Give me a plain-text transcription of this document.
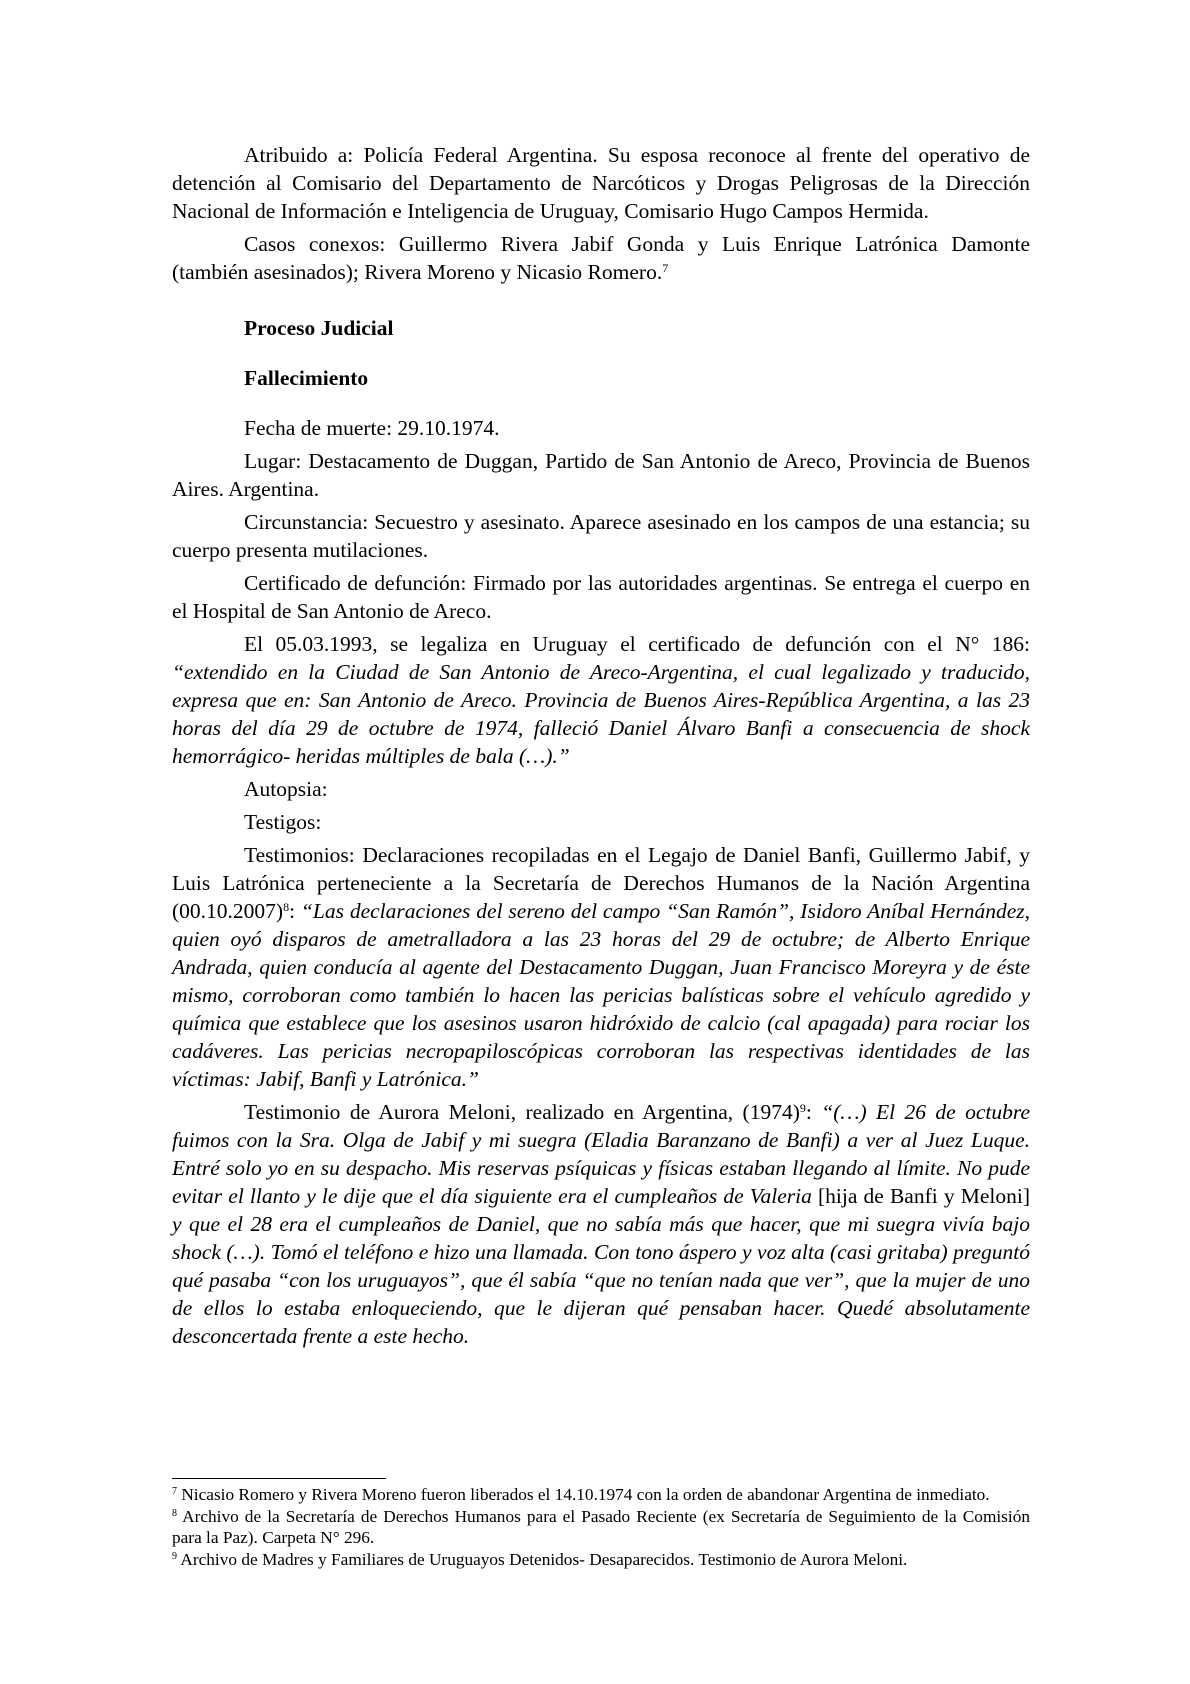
Atribuido a: Policía Federal Argentina. Su esposa reconoce al frente del operativo de detención al Comisario del Departamento de Narcóticos y Drogas Peligrosas de la Dirección Nacional de Información e Inteligencia de Uruguay, Comisario Hugo Campos Hermida.

Casos conexos: Guillermo Rivera Jabif Gonda y Luis Enrique Latrónica Damonte (también asesinados); Rivera Moreno y Nicasio Romero.$^7$

Proceso Judicial
Fallecimiento

Fecha de muerte: 29.10.1974.

Lugar: Destacamento de Duggan, Partido de San Antonio de Areco, Provincia de Buenos Aires. Argentina.

Circunstancia: Secuestro y asesinato. Aparece asesinado en los campos de una estancia; su cuerpo presenta mutilaciones.

Certificado de defunción: Firmado por las autoridades argentinas. Se entrega el cuerpo en el Hospital de San Antonio de Areco.

El 05.03.1993, se legaliza en Uruguay el certificado de defunción con el N° 186: “extendido en la Ciudad de San Antonio de Areco-Argentina, el cual legalizado y traducido, expresa que en: San Antonio de Areco. Provincia de Buenos Aires-República Argentina, a las 23 horas del día 29 de octubre de 1974, falleció Daniel Álvaro Banfi a consecuencia de shock hemorrágico- heridas múltiples de bala (…).”

Autopsia:

Testigos:

Testimonios: Declaraciones recopiladas en el Legajo de Daniel Banfi, Guillermo Jabif, y Luis Latrónica perteneciente a la Secretaría de Derechos Humanos de la Nación Argentina $(00.10.2007)^8$: “Las declaraciones del sereno del campo “San Ramón”, Isidoro Aníbal Hernández, quien oyó disparos de ametralladora a las 23 horas del 29 de octubre; de Alberto Enrique Andrada, quien conducía al agente del Destacamento Duggan, Juan Francisco Moreyra y de éste mismo, corroboran como también lo hacen las pericias balísticas sobre el vehículo agredido y química que establece que los asesinos usaron hidróxido de calcio (cal apagada) para rociar los cadáveres. Las pericias necropapiloscópicas corroboran las respectivas identidades de las víctimas: Jabif, Banfi y Latrónica.”

Testimonio de Aurora Meloni, realizado en Argentina, $(1974)^9$: “(…) El 26 de octubre fuimos con la Sra. Olga de Jabif y mi suegra (Eladia Baranzano de Banfi) a ver al Juez Luque. Entré solo yo en su despacho. Mis reservas psíquicas y físicas estaban llegando al límite. No pude evitar el llanto y le dije que el día siguiente era el cumpleaños de Valeria [hija de Banfi y Meloni] y que el 28 era el cumpleaños de Daniel, que no sabía más que hacer, que mi suegra vivía bajo shock (…). Tomó el teléfono e hizo una llamada. Con tono áspero y voz alta (casi gritaba) preguntó qué pasaba “con los uruguayos”, que él sabía “que no tenían nada que ver”, que la mujer de uno de ellos lo estaba enloqueciendo, que le dijeran qué pensaban hacer. Quedé absolutamente desconcertada frente a este hecho.

$^7$ Nicasio Romero y Rivera Moreno fueron liberados el 14.10.1974 con la orden de abandonar Argentina de inmediato.

$^8$ Archivo de la Secretaría de Derechos Humanos para el Pasado Reciente (ex Secretaría de Seguimiento de la Comisión para la Paz). Carpeta N° 296.

$^9$ Archivo de Madres y Familiares de Uruguayos Detenidos- Desaparecidos. Testimonio de Aurora Meloni.
